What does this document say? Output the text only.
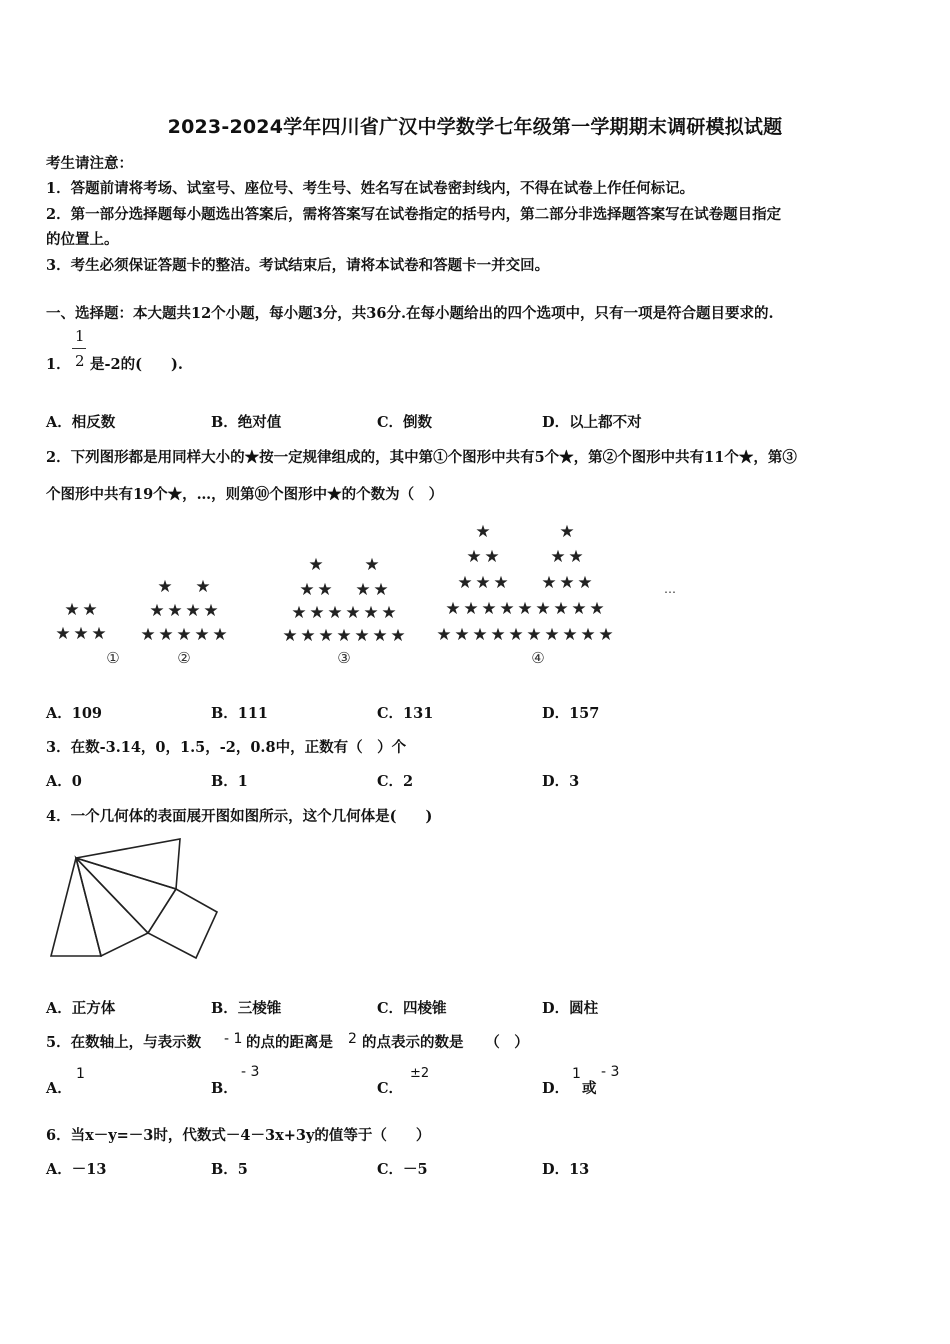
2023-2024学年四川省广汉中学数学七年级第一学期期末调研模拟试题
考生请注意：
1．答题前请将考场、试室号、座位号、考生号、姓名写在试卷密封线内，不得在试卷上作任何标记。
2．第一部分选择题每小题选出答案后，需将答案写在试卷指定的括号内，第二部分非选择题答案写在试卷题目指定
的位置上。
3．考生必须保证答题卡的整洁。考试结束后，请将本试卷和答题卡一并交回。
一、选择题：本大题共12个小题，每小题3分，共36分.在每小题给出的四个选项中，只有一项是符合题目要求的.
1．
1
2 是-2的(　　).
A．相反数	B．绝对值	C．倒数	D．以上都不对
2．下列图形都是用同样大小的★按一定规律组成的，其中第①个图形中共有5个★，第②个图形中共有11个★，第③
个图形中共有19个★，…，则第⑩个图形中★的个数为（　）
★ ★
★ ★ ★
★ ★
★ ★ ★ ★
★ ★ ★ ★ ★
★ ★
★ ★ ★ ★
★ ★ ★ ★ ★ ★
★ ★ ★ ★ ★ ★ ★
★	★
★ ★	★ ★
★ ★ ★ ★ ★ ★
★ ★ ★ ★ ★ ★ ★ ★ ★
★ ★ ★ ★ ★ ★ ★ ★ ★ ★
①	②	③	④
…
A．109	B．111	C．131	D．157
3．在数-3.14，0，1.5，-2，0.8中，正数有（　）个
A．0	B．1	C．2	D．3
4．一个几何体的表面展开图如图所示，这个几何体是(　　)
A．正方体	B．三棱锥	C．四棱锥	D．圆柱
5．在数轴上，与表示数 - 1 的点的距离是 2 的点表示的数是　　（　）
A．
1
B．
- 3
C．
±2
D．
1
或
- 3
6．当x－y=－3时，代数式－4－3x+3y的值等于（　　）
A．－13	B．5	C．－5	D．13
